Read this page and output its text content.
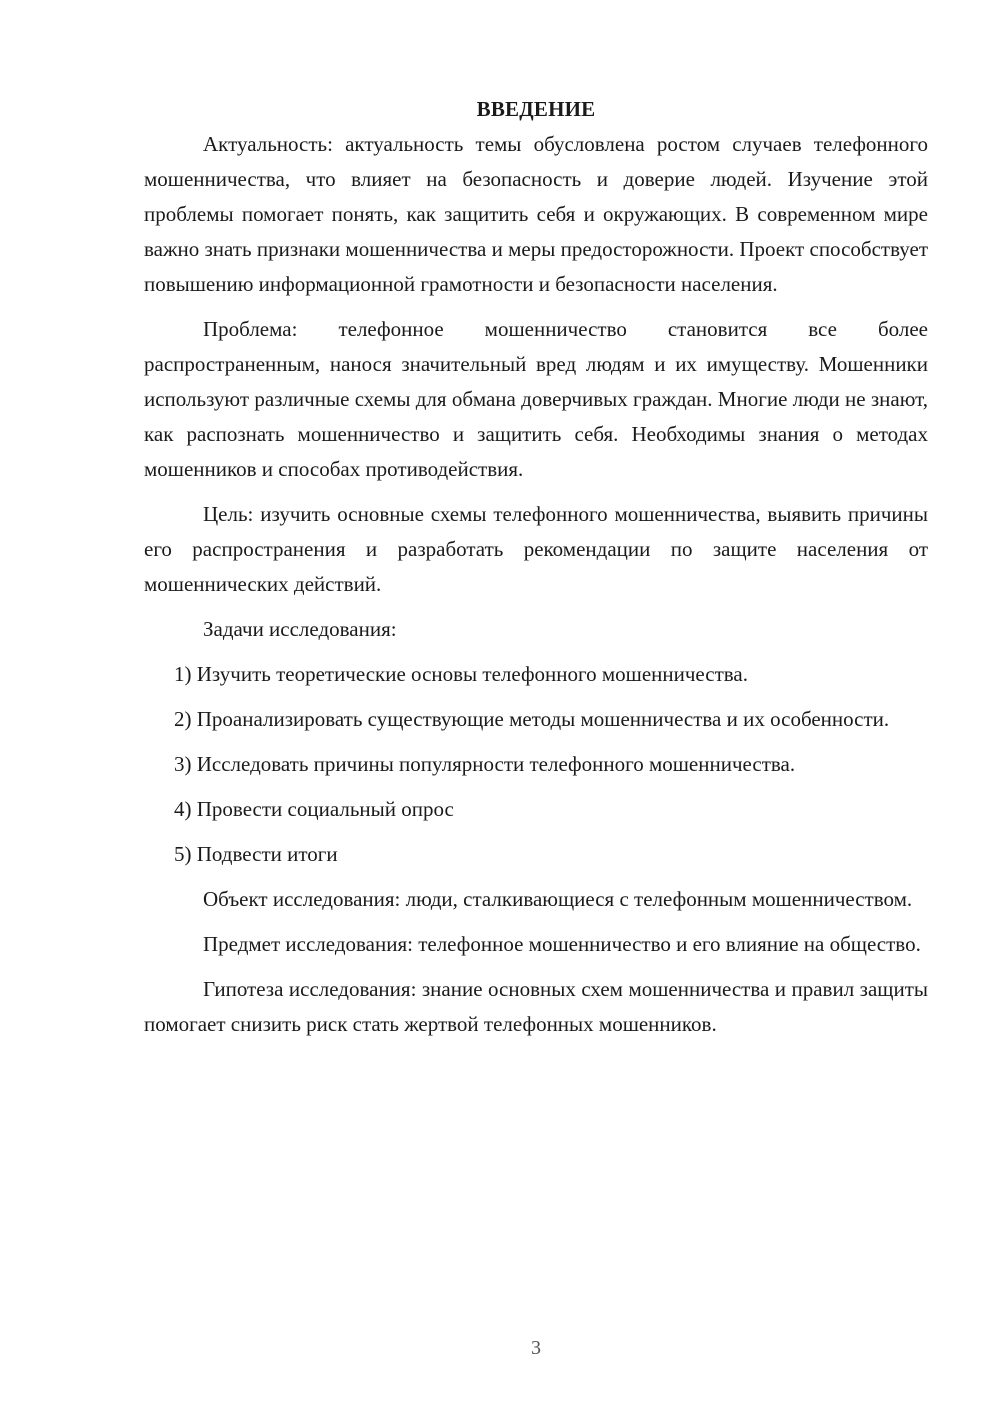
ВВЕДЕНИЕ

Актуальность: актуальность темы обусловлена ростом случаев телефонного мошенничества, что влияет на безопасность и доверие людей. Изучение этой проблемы помогает понять, как защитить себя и окружающих. В современном мире важно знать признаки мошенничества и меры предосторожности. Проект способствует повышению информационной грамотности и безопасности населения.

Проблема: телефонное мошенничество становится все более распространенным, нанося значительный вред людям и их имуществу. Мошенники используют различные схемы для обмана доверчивых граждан. Многие люди не знают, как распознать мошенничество и защитить себя. Необходимы знания о методах мошенников и способах противодействия.

Цель: изучить основные схемы телефонного мошенничества, выявить причины его распространения и разработать рекомендации по защите населения от мошеннических действий.

Задачи исследования:

1) Изучить теоретические основы телефонного мошенничества.

2) Проанализировать существующие методы мошенничества и их особенности.

3) Исследовать причины популярности телефонного мошенничества.

4) Провести социальный опрос

5) Подвести итоги

Объект исследования: люди, сталкивающиеся с телефонным мошенничеством.

Предмет исследования: телефонное мошенничество и его влияние на общество.

Гипотеза исследования: знание основных схем мошенничества и правил защиты помогает снизить риск стать жертвой телефонных мошенников.

3
